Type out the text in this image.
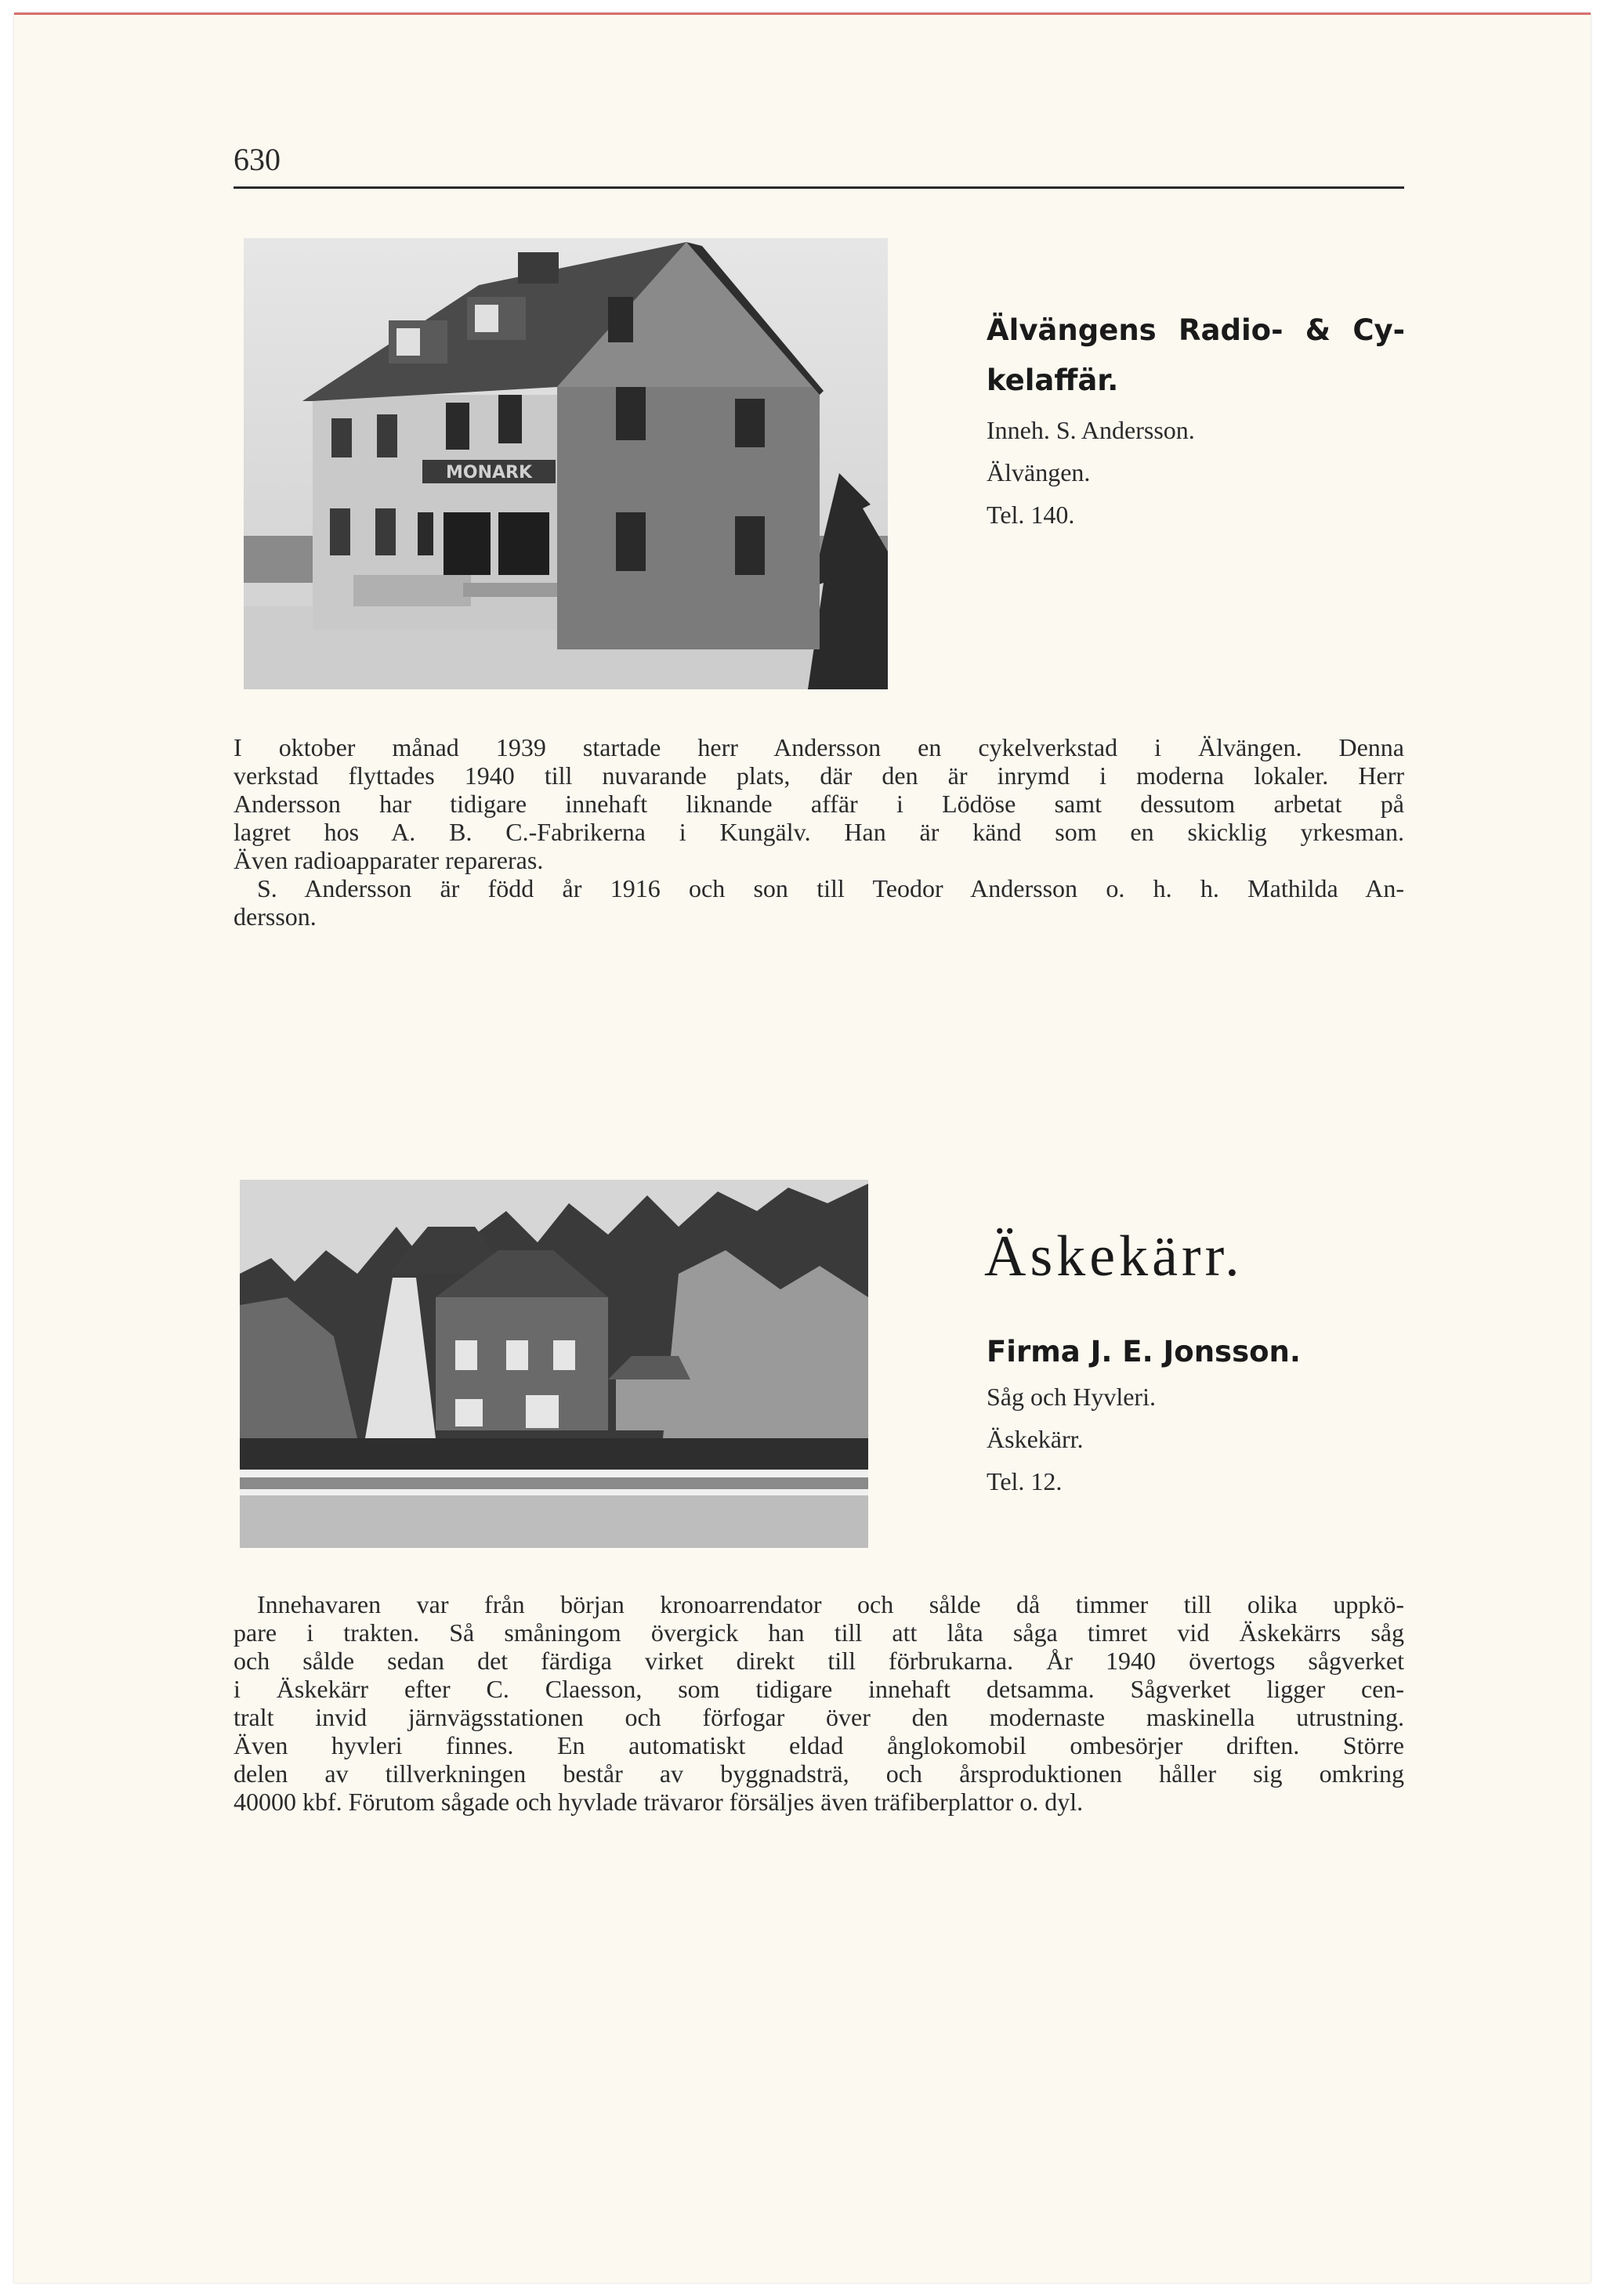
630
MONARK
Älvängens Radio- & Cy-
kelaffär.
Inneh. S. Andersson.
Älvängen.
Tel. 140.
I oktober månad 1939 startade herr Andersson en cykelverkstad i Älvängen. Denna
verkstad flyttades 1940 till nuvarande plats, där den är inrymd i moderna lokaler. Herr
Andersson har tidigare innehaft liknande affär i Lödöse samt dessutom arbetat på
lagret hos A. B. C.-Fabrikerna i Kungälv. Han är känd som en skicklig yrkesman.
Även radioapparater repareras.
S. Andersson är född år 1916 och son till Teodor Andersson o. h. h. Mathilda An-
dersson.
Äskekärr.
Firma J. E. Jonsson.
Såg och Hyvleri.
Äskekärr.
Tel. 12.
Innehavaren var från början kronoarrendator och sålde då timmer till olika uppkö-
pare i trakten. Så småningom övergick han till att låta såga timret vid Äskekärrs såg
och sålde sedan det färdiga virket direkt till förbrukarna. År 1940 övertogs sågverket
i Äskekärr efter C. Claesson, som tidigare innehaft detsamma. Sågverket ligger cen-
tralt invid järnvägsstationen och förfogar över den modernaste maskinella utrustning.
Även hyvleri finnes. En automatiskt eldad ånglokomobil ombesörjer driften. Större
delen av tillverkningen består av byggnadsträ, och årsproduktionen håller sig omkring
40000 kbf. Förutom sågade och hyvlade trävaror försäljes även träfiberplattor o. dyl.
